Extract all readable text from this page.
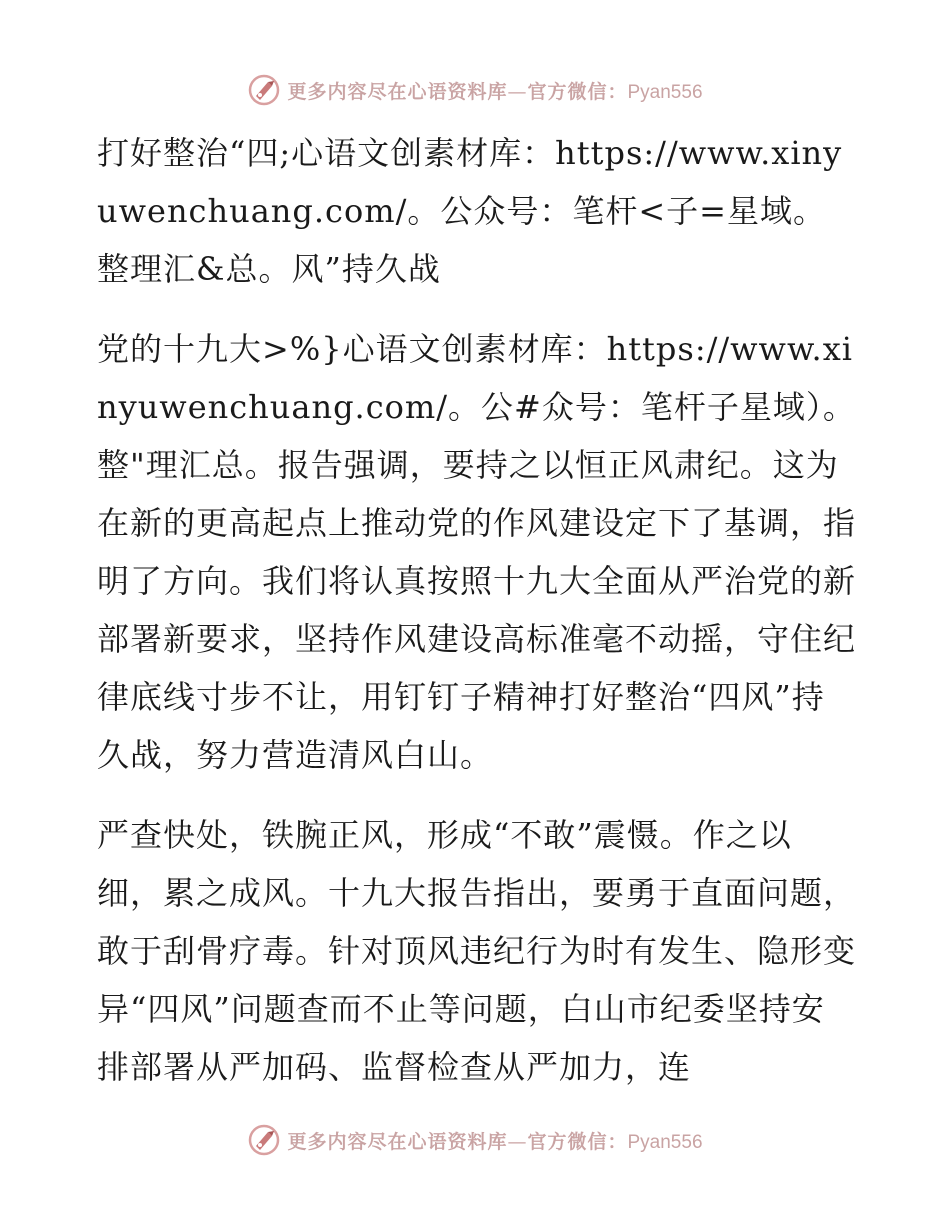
更多内容尽在心语资料库—官方微信：Pyan556

打好整治“四;心语文创素材库：https://www.xinyuwenchuang.com/。公众号：笔杆<子=星域。整理汇&总。风”持久战

党的十九大>%}心语文创素材库：https://www.xinyuwenchuang.com/。公#众号：笔杆子星域）。整"理汇总。报告强调，要持之以恒正风肃纪。这为在新的更高起点上推动党的作风建设定下了基调，指明了方向。我们将认真按照十九大全面从严治党的新部署新要求，坚持作风建设高标准毫不动摇，守住纪律底线寸步不让，用钉钉子精神打好整治“四风”持久战，努力营造清风白山。

严查快处，铁腕正风，形成“不敢”震慑。作之以细，累之成风。十九大报告指出，要勇于直面问题，敢于刮骨疗毒。针对顶风违纪行为时有发生、隐形变异“四风”问题查而不止等问题，白山市纪委坚持安排部署从严加码、监督检查从严加力，连

更多内容尽在心语资料库—官方微信：Pyan556
